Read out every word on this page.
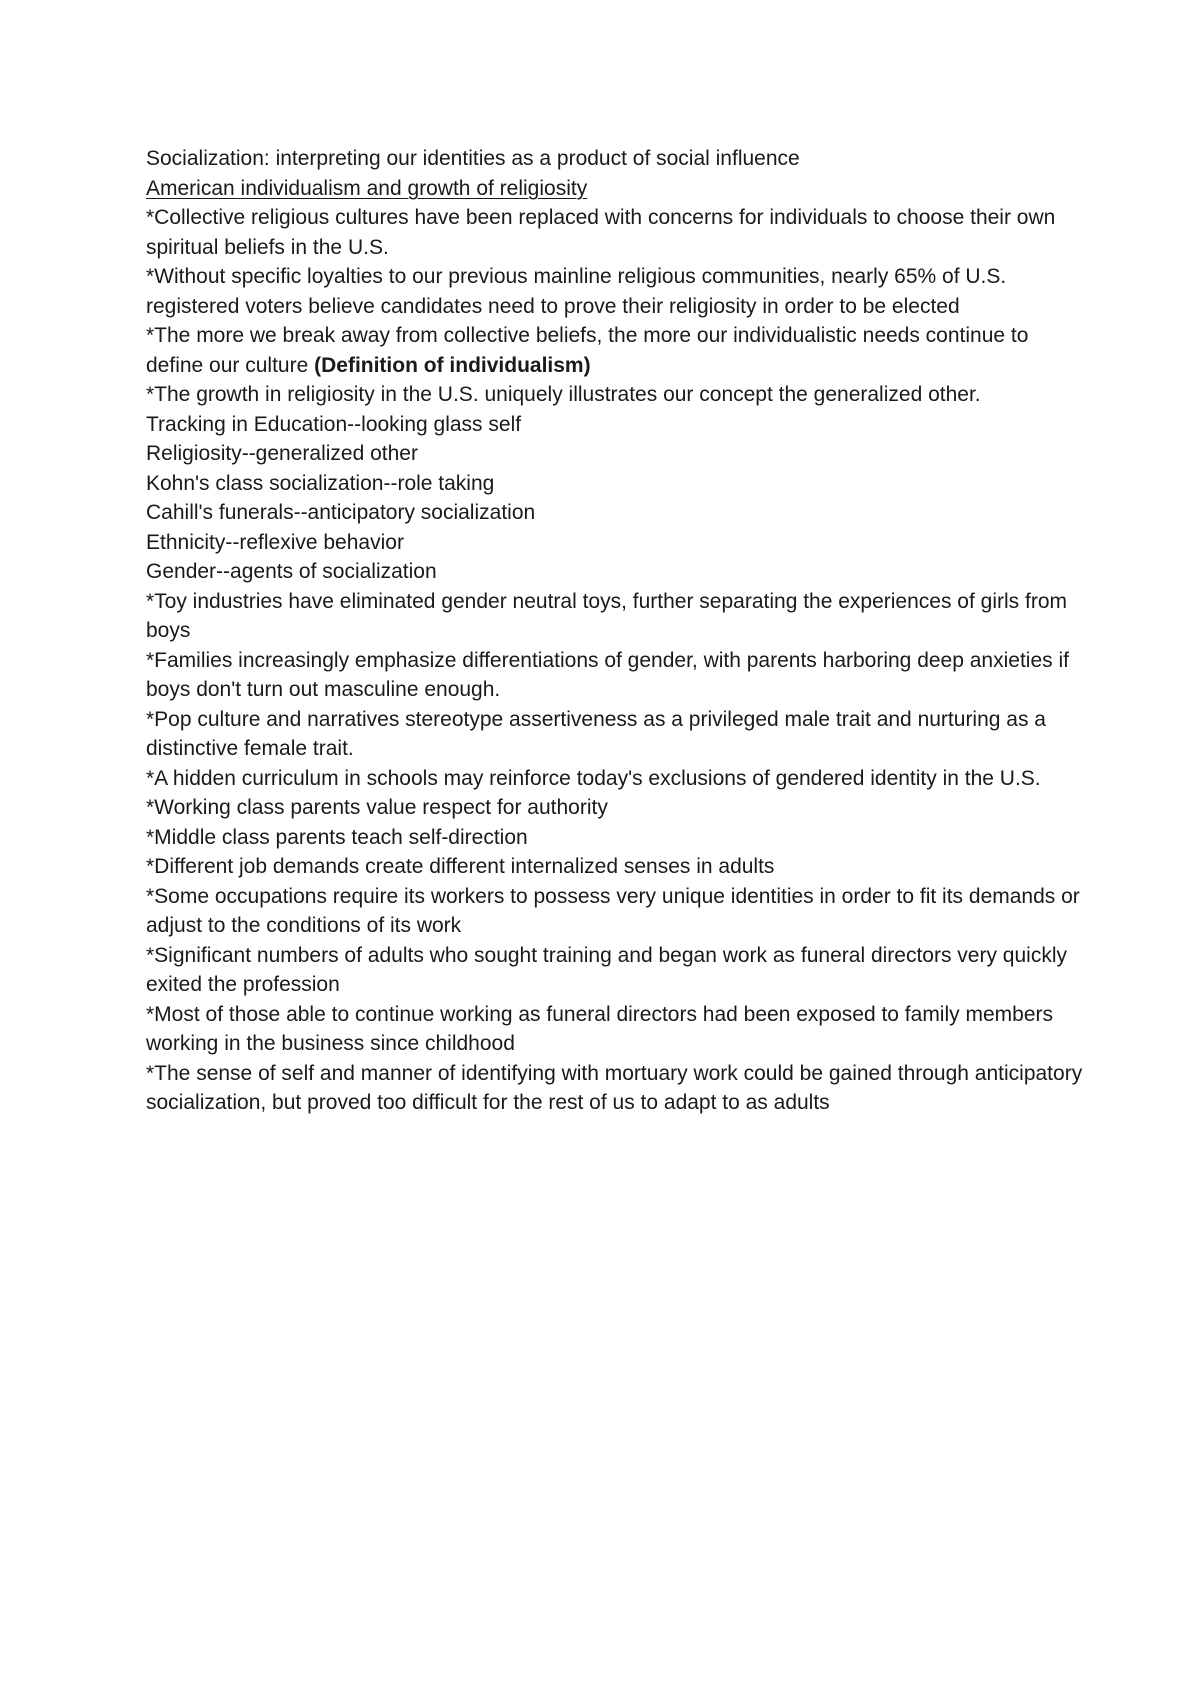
Socialization: interpreting our identities as a product of social influence

American individualism and growth of religiosity

*Collective religious cultures have been replaced with concerns for individuals to choose their own spiritual beliefs in the U.S.

*Without specific loyalties to our previous mainline religious communities, nearly 65% of U.S. registered voters believe candidates need to prove their religiosity in order to be elected

*The more we break away from collective beliefs, the more our individualistic needs continue to define our culture (Definition of individualism)

*The growth in religiosity in the U.S. uniquely illustrates our concept the generalized other.

Tracking in Education--looking glass self

Religiosity--generalized other

Kohn's class socialization--role taking

Cahill's funerals--anticipatory socialization

Ethnicity--reflexive behavior

Gender--agents of socialization

*Toy industries have eliminated gender neutral toys, further separating the experiences of girls from boys

*Families increasingly emphasize differentiations of gender, with parents harboring deep anxieties if boys don't turn out masculine enough.

*Pop culture and narratives stereotype assertiveness as a privileged male trait and nurturing as a distinctive female trait.

*A hidden curriculum in schools may reinforce today's exclusions of gendered identity in the U.S.

*Working class parents value respect for authority

*Middle class parents teach self-direction

*Different job demands create different internalized senses in adults

*Some occupations require its workers to possess very unique identities in order to fit its demands or adjust to the conditions of its work

*Significant numbers of adults who sought training and began work as funeral directors very quickly exited the profession

*Most of those able to continue working as funeral directors had been exposed to family members working in the business since childhood

*The sense of self and manner of identifying with mortuary work could be gained through anticipatory socialization, but proved too difficult for the rest of us to adapt to as adults
